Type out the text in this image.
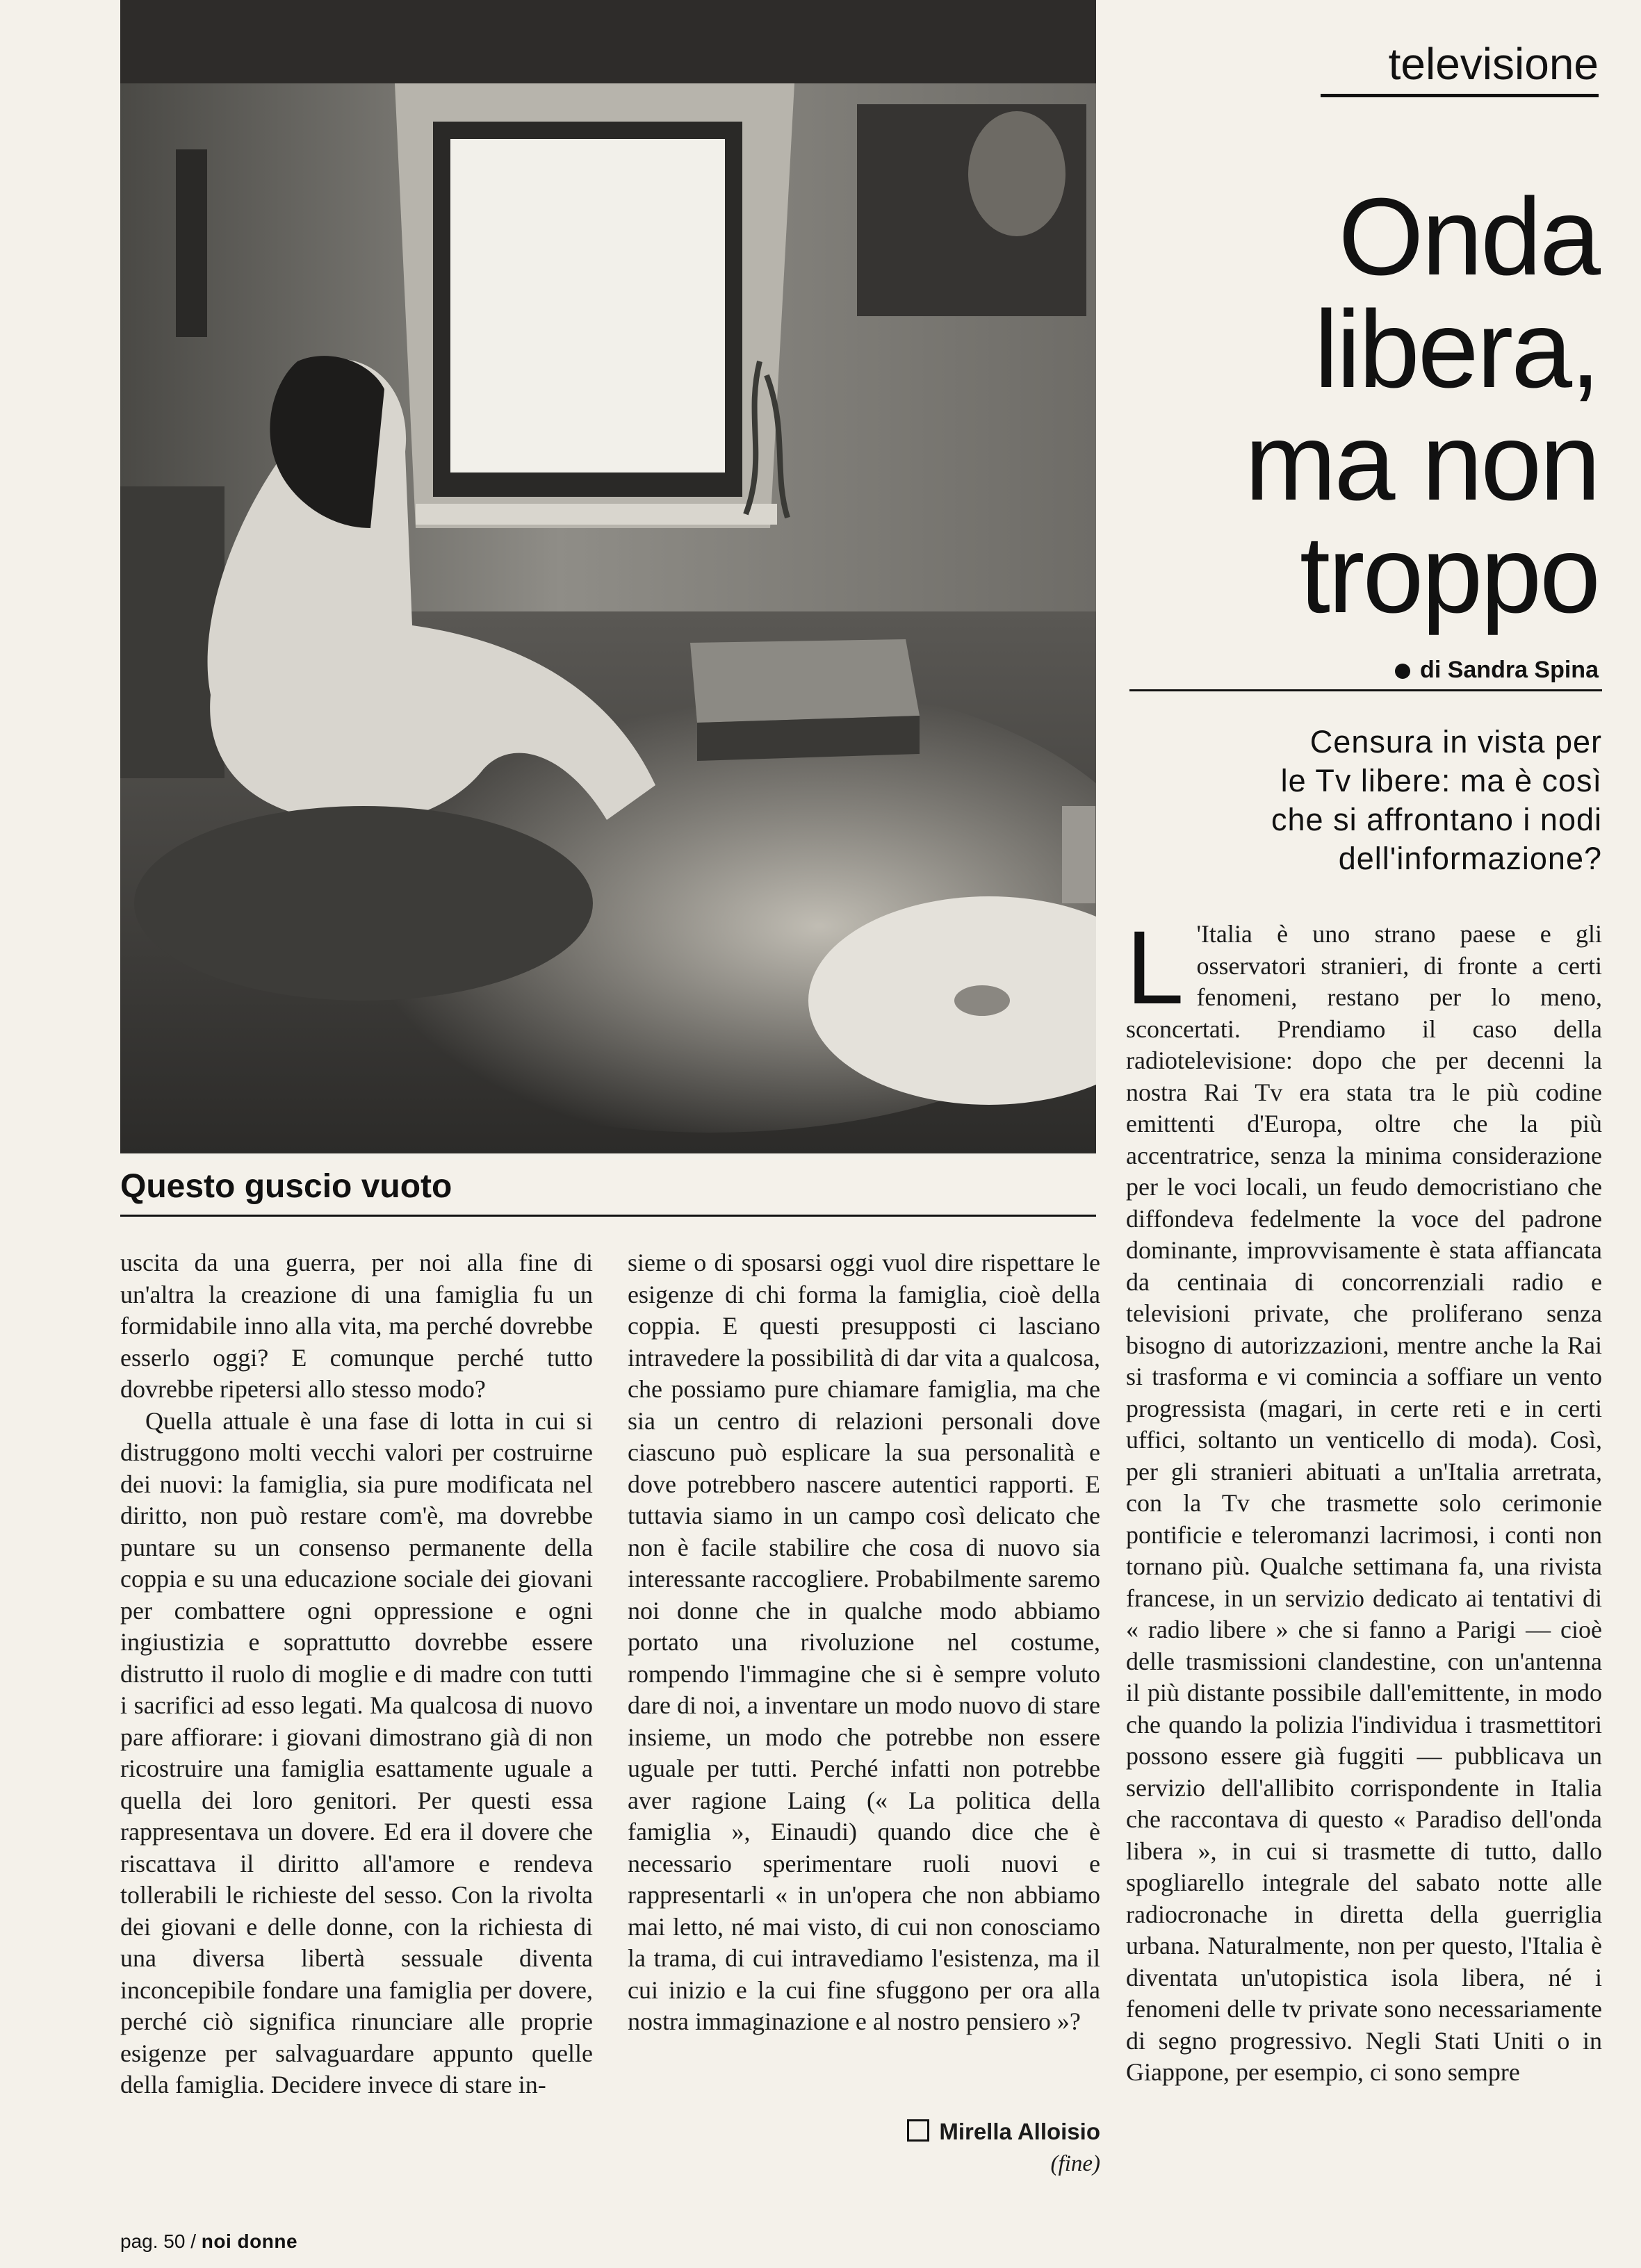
televisione
Onda
libera,
ma non
troppo
di Sandra Spina
Censura in vista per
le Tv libere: ma è così
che si affrontano i nodi
dell'informazione?
Questo guscio vuoto

uscita da una guerra, per noi alla fine di un'altra la creazione di una famiglia fu un formidabile inno alla vita, ma perché dovrebbe esserlo oggi? E comunque perché tutto dovrebbe ripetersi allo stesso modo?

Quella attuale è una fase di lotta in cui si distruggono molti vecchi valori per costruirne dei nuovi: la famiglia, sia pure modificata nel diritto, non può restare com'è, ma dovrebbe puntare su un consenso permanente della coppia e su una educazione sociale dei giovani per combattere ogni oppressione e ogni ingiustizia e soprattutto dovrebbe essere distrutto il ruolo di moglie e di madre con tutti i sacrifici ad esso legati. Ma qualcosa di nuovo pare affiorare: i giovani dimostrano già di non ricostruire una famiglia esattamente uguale a quella dei loro genitori. Per questi essa rappresentava un dovere. Ed era il dovere che riscattava il diritto all'amore e rendeva tollerabili le richieste del sesso. Con la rivolta dei giovani e delle donne, con la richiesta di una diversa libertà sessuale diventa inconcepibile fondare una famiglia per dovere, perché ciò significa rinunciare alle proprie esigenze per salvaguardare appunto quelle della famiglia. Decidere invece di stare in-

sieme o di sposarsi oggi vuol dire rispettare le esigenze di chi forma la famiglia, cioè della coppia. E questi presupposti ci lasciano intravedere la possibilità di dar vita a qualcosa, che possiamo pure chiamare famiglia, ma che sia un centro di relazioni personali dove ciascuno può esplicare la sua personalità e dove potrebbero nascere autentici rapporti. E tuttavia siamo in un campo così delicato che non è facile stabilire che cosa di nuovo sia interessante raccogliere. Probabilmente saremo noi donne che in qualche modo abbiamo portato una rivoluzione nel costume, rompendo l'immagine che si è sempre voluto dare di noi, a inventare un modo nuovo di stare insieme, un modo che potrebbe non essere uguale per tutti. Perché infatti non potrebbe aver ragione Laing (« La politica della famiglia », Einaudi) quando dice che è necessario sperimentare ruoli nuovi e rappresentarli « in un'opera che non abbiamo mai letto, né mai visto, di cui non conosciamo la trama, di cui intravediamo l'esistenza, ma il cui inizio e la cui fine sfuggono per ora alla nostra immaginazione e al nostro pensiero »?

Mirella Alloisio
(fine)
L 'Italia è uno strano paese e gli osservatori stranieri, di fronte a certi fenomeni, restano per lo meno, sconcertati. Prendiamo il caso della radiotelevisione: dopo che per decenni la nostra Rai Tv era stata tra le più codine emittenti d'Europa, oltre che la più accentratrice, senza la minima considerazione per le voci locali, un feudo democristiano che diffondeva fedelmente la voce del padrone dominante, improvvisamente è stata affiancata da centinaia di concorrenziali radio e televisioni private, che proliferano senza bisogno di autorizzazioni, mentre anche la Rai si trasforma e vi comincia a soffiare un vento progressista (magari, in certe reti e in certi uffici, soltanto un venticello di moda). Così, per gli stranieri abituati a un'Italia arretrata, con la Tv che trasmette solo cerimonie pontificie e teleromanzi lacrimosi, i conti non tornano più. Qualche settimana fa, una rivista francese, in un servizio dedicato ai tentativi di « radio libere » che si fanno a Parigi — cioè delle trasmissioni clandestine, con un'antenna il più distante possibile dall'emittente, in modo che quando la polizia l'individua i trasmettitori possono essere già fuggiti — pubblicava un servizio dell'allibito corrispondente in Italia che raccontava di questo « Paradiso dell'onda libera », in cui si trasmette di tutto, dallo spogliarello integrale del sabato notte alle radiocronache in diretta della guerriglia urbana. Naturalmente, non per questo, l'Italia è diventata un'utopistica isola libera, né i fenomeni delle tv private sono necessariamente di segno progressivo. Negli Stati Uniti o in Giappone, per esempio, ci sono sempre

pag. 50 / noi donne
